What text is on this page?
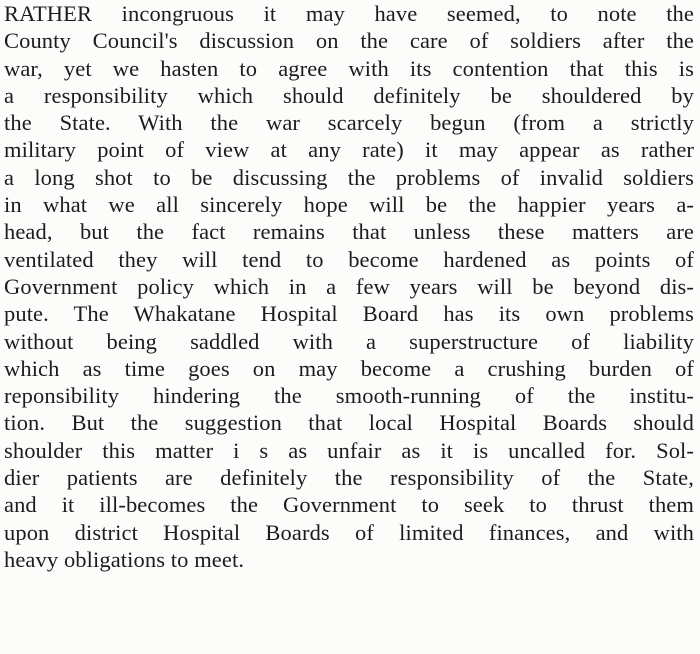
RATHER incongruous it may have seemed, to note the
County Council's discussion on the care of soldiers after the
war, yet we hasten to agree with its contention that this is
a responsibility which should definitely be shouldered by
the State. With the war scarcely begun (from a strictly
military point of view at any rate) it may appear as rather
a long shot to be discussing the problems of invalid soldiers
in what we all sincerely hope will be the happier years a-
head, but the fact remains that unless these matters are
ventilated they will tend to become hardened as points of
Government policy which in a few years will be beyond dis-
pute. The Whakatane Hospital Board has its own problems
without being saddled with a superstructure of liability
which as time goes on may become a crushing burden of
reponsibility hindering the smooth-running of the institu-
tion. But the suggestion that local Hospital Boards should
shoulder this matter i s as unfair as it is uncalled for. Sol-
dier patients are definitely the responsibility of the State,
and it ill-becomes the Government to seek to thrust them
upon district Hospital Boards of limited finances, and with
heavy obligations to meet.
